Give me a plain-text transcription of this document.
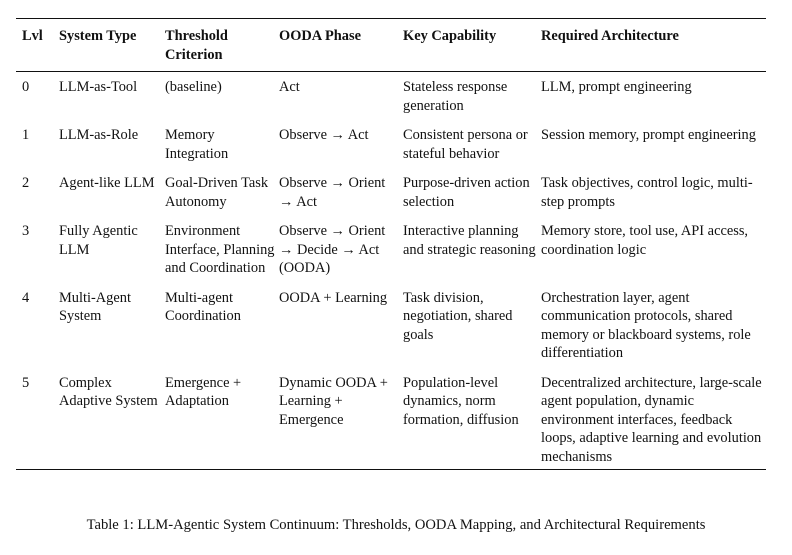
Lvl	System Type	Threshold Criterion	OODA Phase	Key Capability	Required Architecture
0	LLM-as-Tool	(baseline)	Act	Stateless response generation	LLM, prompt engineering
1	LLM-as-Role	Memory Integration	Observe → Act	Consistent persona or stateful behavior	Session memory, prompt engineering
2	Agent-like LLM	Goal-Driven Task Autonomy	Observe → Orient → Act	Purpose-driven action selection	Task objectives, control logic, multi-step prompts
3	Fully Agentic LLM	Environment Interface, Planning and Coordination	Observe → Orient → Decide → Act (OODA)	Interactive planning and strategic reasoning	Memory store, tool use, API access, coordination logic
4	Multi-Agent System	Multi-agent Coordination	OODA + Learning	Task division, negotiation, shared goals	Orchestration layer, agent communication protocols, shared memory or blackboard systems, role differentiation
5	Complex Adaptive System	Emergence + Adaptation	Dynamic OODA + Learning + Emergence	Population-level dynamics, norm formation, diffusion	Decentralized architecture, large-scale agent population, dynamic environment interfaces, feedback loops, adaptive learning and evolution mechanisms
Table 1: LLM-Agentic System Continuum: Thresholds, OODA Mapping, and Architectural Requirements
